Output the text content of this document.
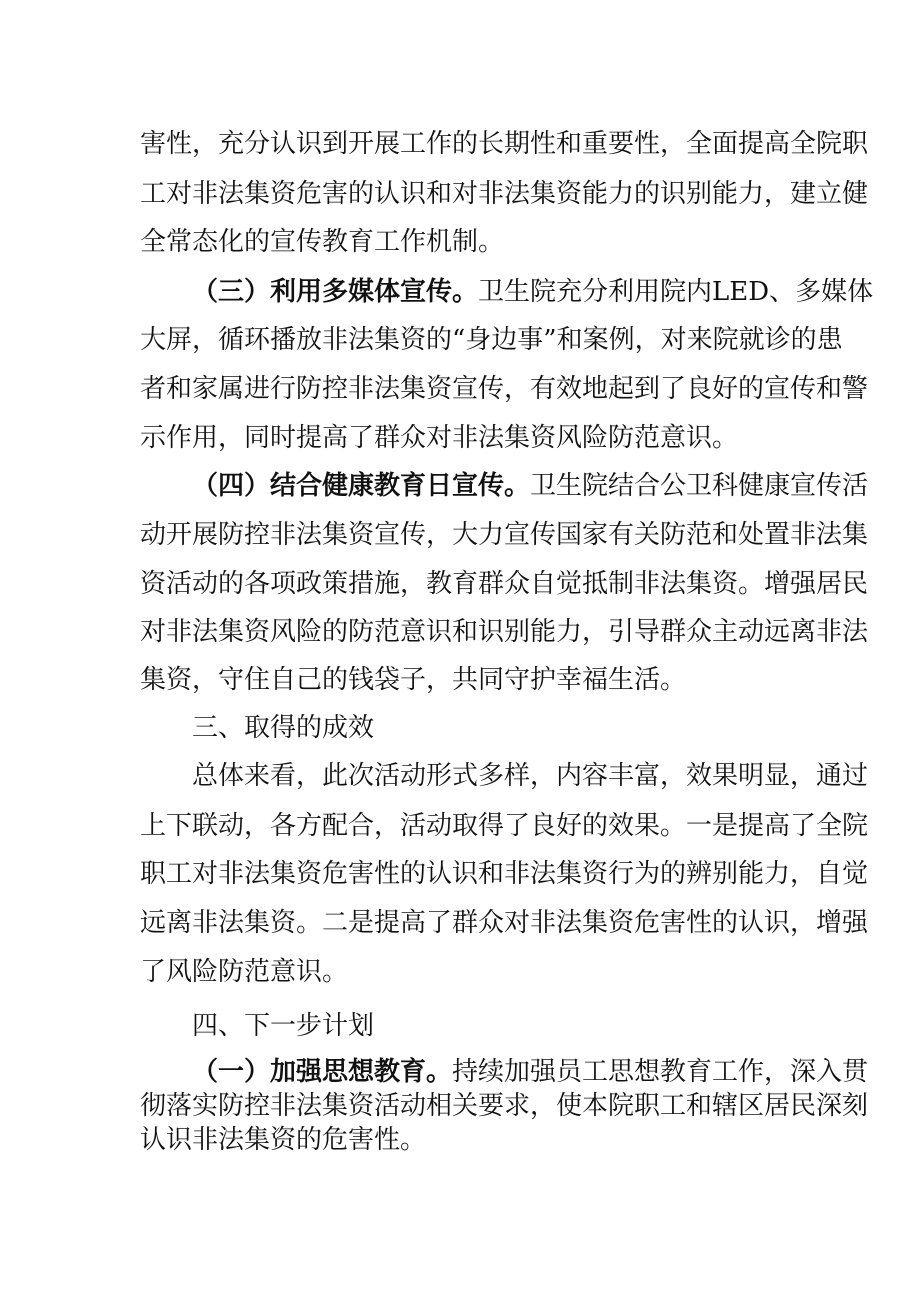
害性，充分认识到开展工作的长期性和重要性，全面提高全院职
工对非法集资危害的认识和对非法集资能力的识别能力，建立健
全常态化的宣传教育工作机制。
（三）利用多媒体宣传。卫生院充分利用院内LED、多媒体
大屏，循环播放非法集资的“身边事”和案例，对来院就诊的患
者和家属进行防控非法集资宣传，有效地起到了良好的宣传和警
示作用，同时提高了群众对非法集资风险防范意识。
（四）结合健康教育日宣传。卫生院结合公卫科健康宣传活
动开展防控非法集资宣传，大力宣传国家有关防范和处置非法集
资活动的各项政策措施，教育群众自觉抵制非法集资。增强居民
对非法集资风险的防范意识和识别能力，引导群众主动远离非法
集资，守住自己的钱袋子，共同守护幸福生活。
三、取得的成效
总体来看，此次活动形式多样，内容丰富，效果明显，通过
上下联动，各方配合，活动取得了良好的效果。一是提高了全院
职工对非法集资危害性的认识和非法集资行为的辨别能力，自觉
远离非法集资。二是提高了群众对非法集资危害性的认识，增强
了风险防范意识。
四、下一步计划
（一）加强思想教育。持续加强员工思想教育工作，深入贯
彻落实防控非法集资活动相关要求，使本院职工和辖区居民深刻
认识非法集资的危害性。
